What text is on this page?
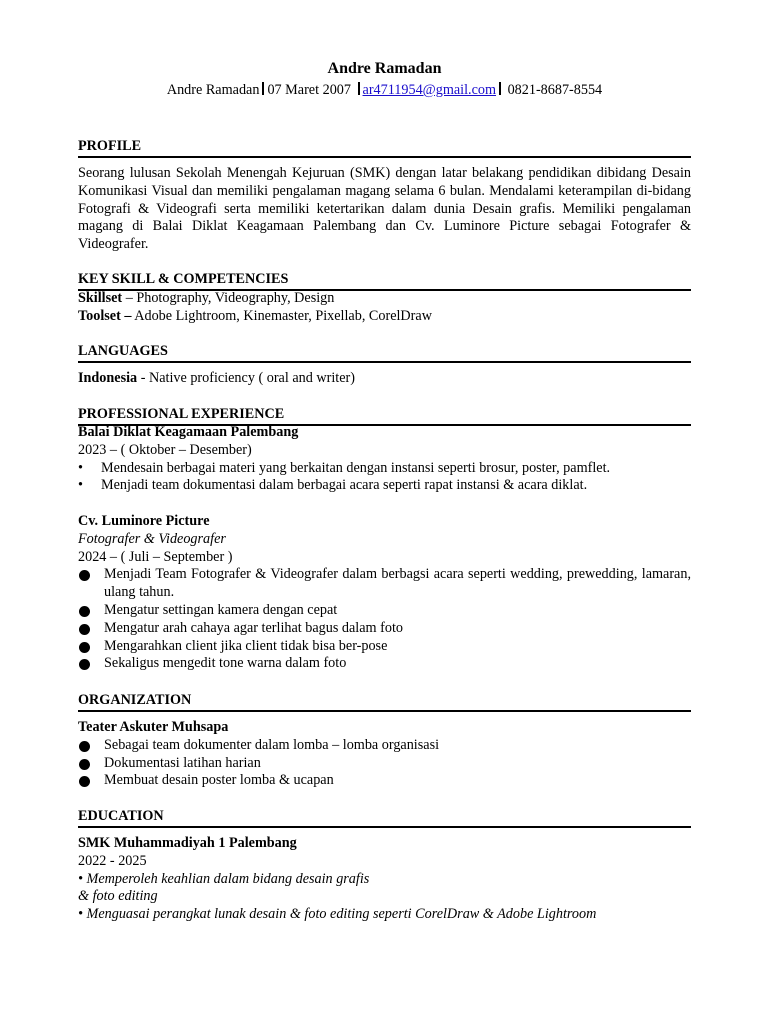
Andre Ramadan
Andre Ramadan 07 Maret 2007 ar4711954@gmail.com 0821-8687-8554
PROFILE
Seorang lulusan Sekolah Menengah Kejuruan (SMK) dengan latar belakang pendidikan dibidang Desain Komunikasi Visual dan memiliki pengalaman magang selama 6 bulan. Mendalami keterampilan di-bidang Fotografi & Videografi serta memiliki ketertarikan dalam dunia Desain grafis. Memiliki pengalaman magang di Balai Diklat Keagamaan Palembang dan Cv. Luminore Picture sebagai Fotografer & Videografer.
KEY SKILL & COMPETENCIES
Skillset – Photography, Videography, Design
Toolset – Adobe Lightroom, Kinemaster, Pixellab, CorelDraw
LANGUAGES
Indonesia - Native proficiency ( oral and writer)
PROFESSIONAL EXPERIENCE
Balai Diklat Keagamaan Palembang
2023 – ( Oktober – Desember)
• Mendesain berbagai materi yang berkaitan dengan instansi seperti brosur, poster, pamflet.
• Menjadi team dokumentasi dalam berbagai acara seperti rapat instansi & acara diklat.
Cv. Luminore Picture
Fotografer & Videografer
2024 – ( Juli – September )
Menjadi Team Fotografer & Videografer dalam berbagsi acara seperti wedding, prewedding, lamaran, ulang tahun.
Mengatur settingan kamera dengan cepat
Mengatur arah cahaya agar terlihat bagus dalam foto
Mengarahkan client jika client tidak bisa ber-pose
Sekaligus mengedit tone warna dalam foto
ORGANIZATION
Teater Askuter Muhsapa
Sebagai team dokumenter dalam lomba – lomba organisasi
Dokumentasi latihan harian
Membuat desain poster lomba & ucapan
EDUCATION
SMK Muhammadiyah 1 Palembang
2022 - 2025
• Memperoleh keahlian dalam bidang desain grafis
& foto editing
• Menguasai perangkat lunak desain & foto editing seperti CorelDraw & Adobe Lightroom
